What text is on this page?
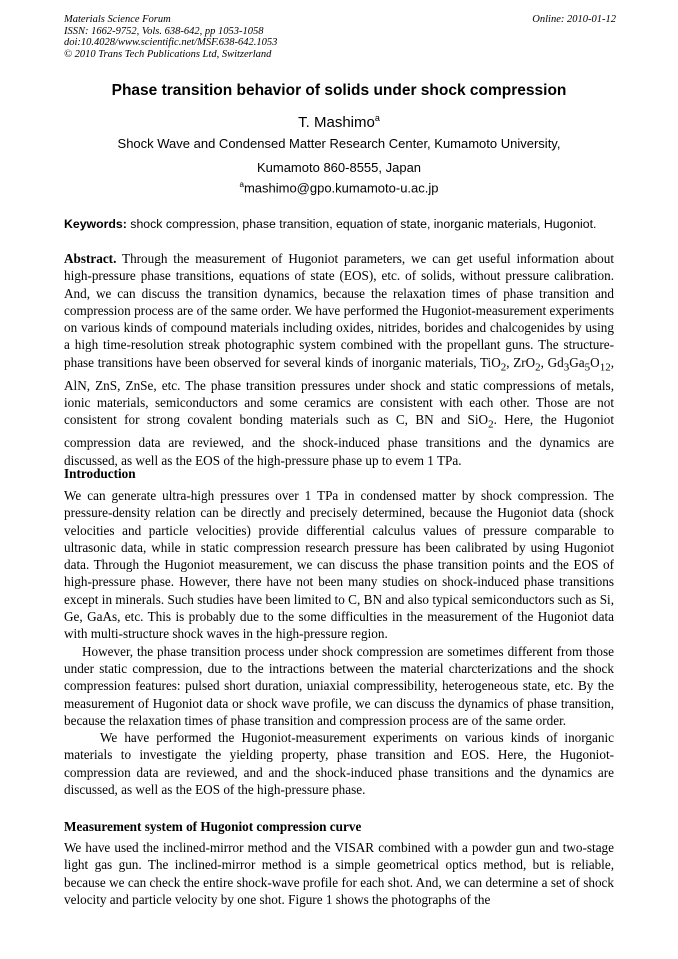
Materials Science Forum
ISSN: 1662-9752, Vols. 638-642, pp 1053-1058
doi:10.4028/www.scientific.net/MSF.638-642.1053
© 2010 Trans Tech Publications Ltd, Switzerland
Online: 2010-01-12
Phase transition behavior of solids under shock compression
T. Mashimo$^a$
Shock Wave and Condensed Matter Research Center, Kumamoto University,
Kumamoto 860-8555, Japan
$^a$mashimo@gpo.kumamoto-u.ac.jp
Keywords: shock compression, phase transition, equation of state, inorganic materials, Hugoniot.

Abstract. Through the measurement of Hugoniot parameters, we can get useful information about high-pressure phase transitions, equations of state (EOS), etc. of solids, without pressure calibration. And, we can discuss the transition dynamics, because the relaxation times of phase transition and compression process are of the same order. We have performed the Hugoniot-measurement experiments on various kinds of compound materials including oxides, nitrides, borides and chalcogenides by using a high time-resolution streak photographic system combined with the propellant guns. The structure-phase transitions have been observed for several kinds of inorganic materials, TiO$_2$, ZrO$_2$, $Gd_3Ga_5O_{12}$, AlN, ZnS, ZnSe, etc. The phase transition pressures under shock and static compressions of metals, ionic materials, semiconductors and some ceramics are consistent with each other. Those are not consistent for strong covalent bonding materials such as C, BN and SiO$_2$. Here, the Hugoniot compression data are reviewed, and the shock-induced phase transitions and the dynamics are discussed, as well as the EOS of the high-pressure phase up to evem 1 TPa.

Introduction

We can generate ultra-high pressures over 1 TPa in condensed matter by shock compression. The pressure-density relation can be directly and precisely determined, because the Hugoniot data (shock velocities and particle velocities) provide differential calculus values of pressure comparable to ultrasonic data, while in static compression research pressure has been calibrated by using Hugoniot data. Through the Hugoniot measurement, we can discuss the phase transition points and the EOS of high-pressure phase. However, there have not been many studies on shock-induced phase transitions except in minerals. Such studies have been limited to C, BN and also typical semiconductors such as Si, Ge, GaAs, etc. This is probably due to the some difficulties in the measurement of the Hugoniot data with multi-structure shock waves in the high-pressure region.

However, the phase transition process under shock compression are sometimes different from those under static compression, due to the intractions between the material charcterizations and the shock compression features: pulsed short duration, uniaxial compressibility, heterogeneous state, etc. By the measurement of Hugoniot data or shock wave profile, we can discuss the dynamics of phase transition, because the relaxation times of phase transition and compression process are of the same order.

We have performed the Hugoniot-measurement experiments on various kinds of inorganic materials to investigate the yielding property, phase transition and EOS. Here, the Hugoniot-compression data are reviewed, and and the shock-induced phase transitions and the dynamics are discussed, as well as the EOS of the high-pressure phase.

Measurement system of Hugoniot compression curve

We have used the inclined-mirror method and the VISAR combined with a powder gun and two-stage light gas gun. The inclined-mirror method is a simple geometrical optics method, but is reliable, because we can check the entire shock-wave profile for each shot. And, we can determine a set of shock velocity and particle velocity by one shot. Figure 1 shows the photographs of the
